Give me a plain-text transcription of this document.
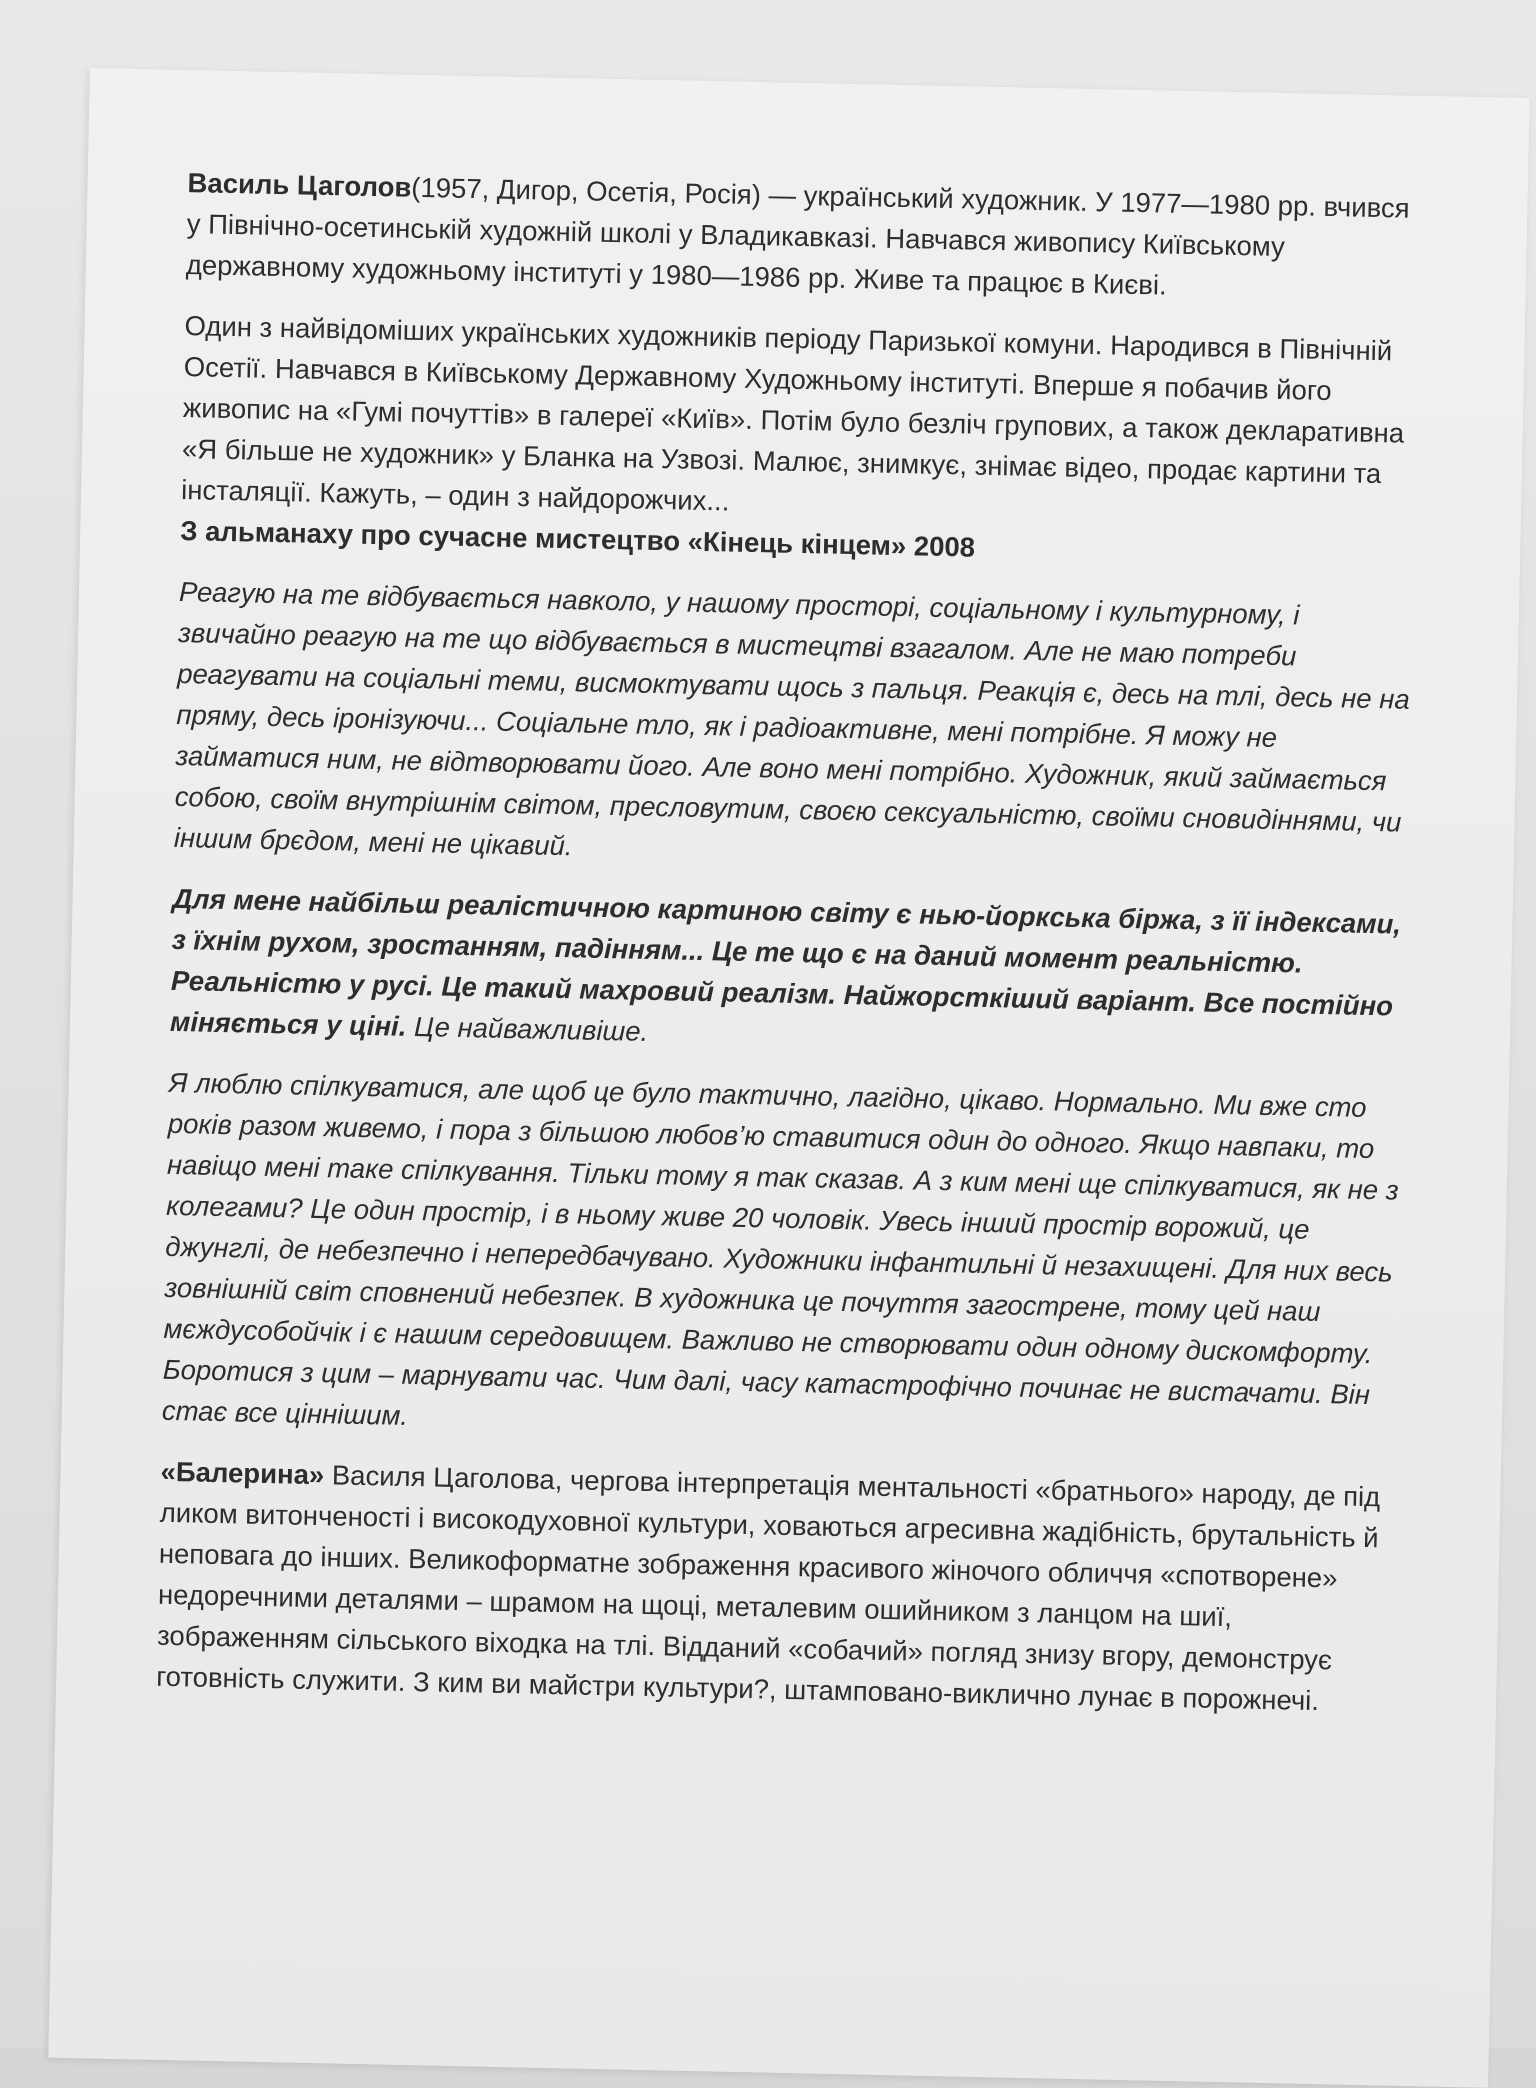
Василь Цаголов(1957, Дигор, Осетія, Росія) — український художник. У 1977—1980 рр. вчився у Північно-осетинській художній школі у Владикавказі. Навчався живопису Київському державному художньому інституті у 1980—1986 рр. Живе та працює в Києві.

Один з найвідоміших українських художників періоду Паризької комуни. Народився в Північній Осетії. Навчався в Київському Державному Художньому інституті. Вперше я побачив його живопис на «Гумі почуттів» в галереї «Київ». Потім було безліч групових, а також декларативна «Я більше не художник» у Бланка на Узвозі. Малює, знимкує, знімає відео, продає картини та інсталяції. Кажуть, – один з найдорожчих...

З альманаху про сучасне мистецтво «Кінець кінцем» 2008

Реагую на те відбувається навколо, у нашому просторі, соціальному і культурному, і звичайно реагую на те що відбувається в мистецтві взагалом. Але не маю потреби реагувати на соціальні теми, висмоктувати щось з пальця. Реакція є, десь на тлі, десь не на пряму, десь іронізуючи... Соціальне тло, як і радіоактивне, мені потрібне. Я можу не займатися ним, не відтворювати його. Але воно мені потрібно. Художник, який займається собою, своїм внутрішнім світом, пресловутим, своєю сексуальністю, своїми сновидіннями, чи іншим брєдом, мені не цікавий.

Для мене найбільш реалістичною картиною світу є нью-йоркська біржа, з її індексами, з їхнім рухом, зростанням, падінням... Це те що є на даний момент реальністю. Реальністю у русі. Це такий махровий реалізм. Найжорсткіший варіант. Все постійно міняється у ціні. Це найважливіше.

Я люблю спілкуватися, але щоб це було тактично, лагідно, цікаво. Нормально. Ми вже сто років разом живемо, і пора з більшою любов’ю ставитися один до одного. Якщо навпаки, то навіщо мені таке спілкування. Тільки тому я так сказав. А з ким мені ще спілкуватися, як не з колегами? Це один простір, і в ньому живе 20 чоловік. Увесь інший простір ворожий, це джунглі, де небезпечно і непередбачувано. Художники інфантильні й незахищені. Для них весь зовнішній світ сповнений небезпек. В художника це почуття загострене, тому цей наш мєждусобойчік і є нашим середовищем. Важливо не створювати один одному дискомфорту. Боротися з цим – марнувати час. Чим далі, часу катастрофічно починає не вистачати. Він стає все ціннішим.

«Балерина» Василя Цаголова, чергова інтерпретація ментальності «братнього» народу, де під ликом витонченості і високодуховної культури, ховаються агресивна жадібність, брутальність й неповага до інших. Великоформатне зображення красивого жіночого обличчя «спотворене» недоречними деталями – шрамом на щоці, металевим ошийником з ланцом на шиї, зображенням сільського віходка на тлі. Відданий «собачий» погляд знизу вгору, демонструє готовність служити. З ким ви майстри культури?, штамповано-виклично лунає в порожнечі.
